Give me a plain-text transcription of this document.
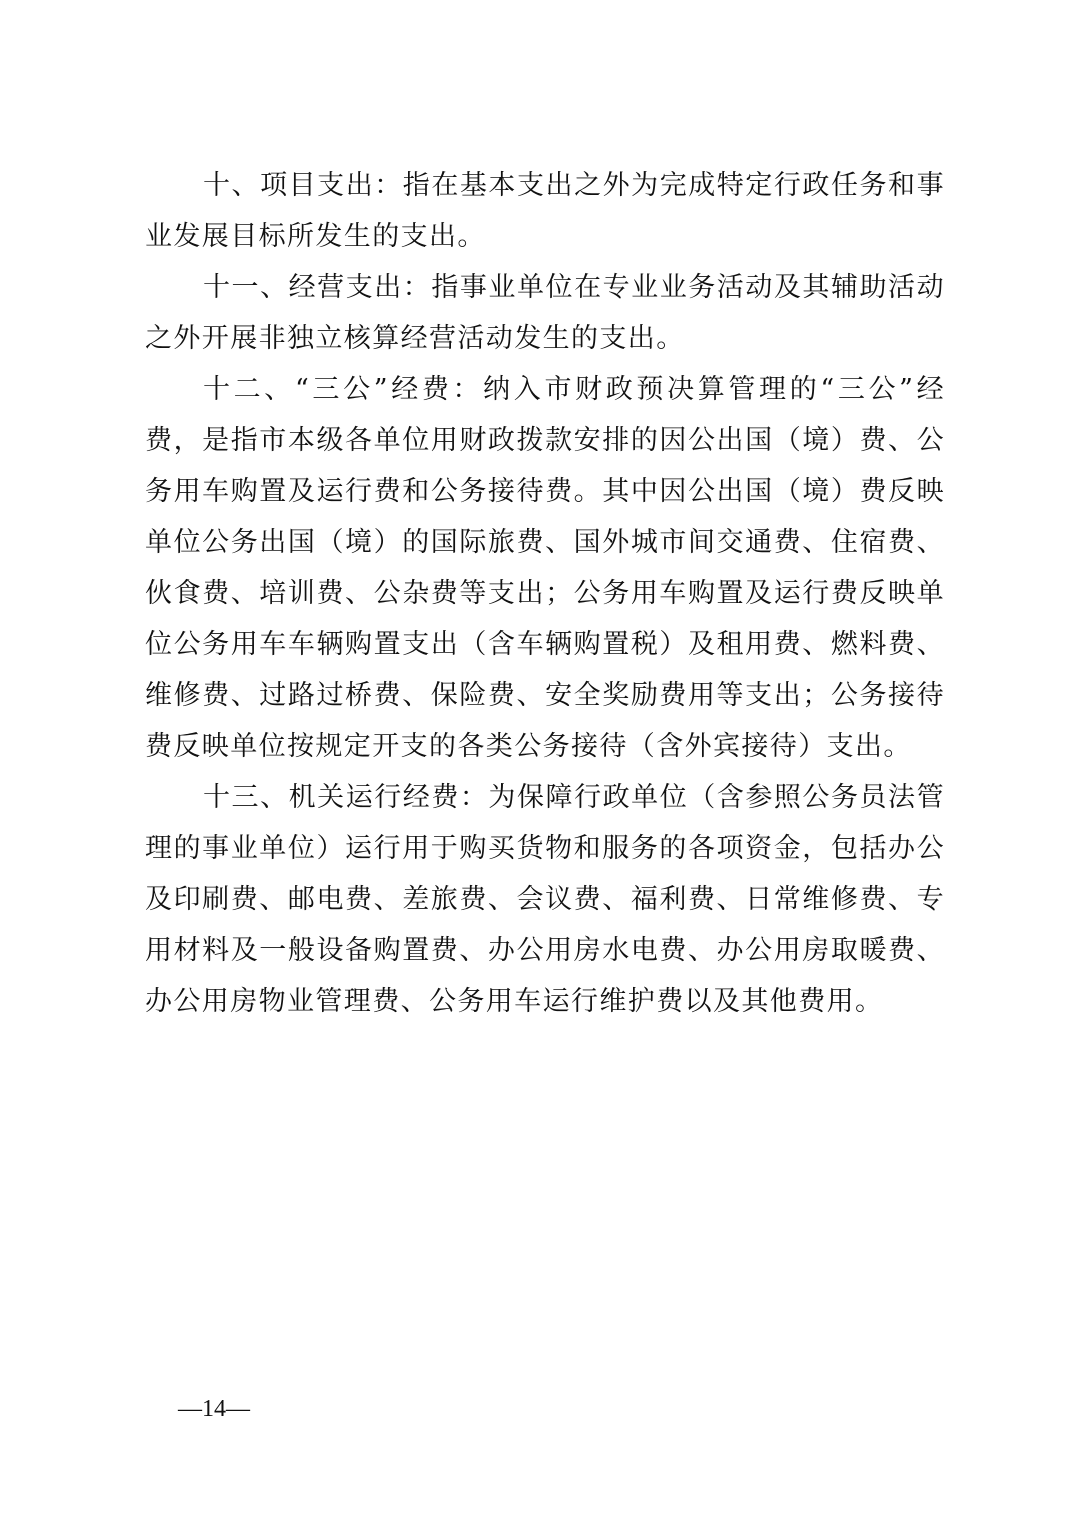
十、项目支出：指在基本支出之外为完成特定行政任务和事业发展目标所发生的支出。

十一、经营支出：指事业单位在专业业务活动及其辅助活动之外开展非独立核算经营活动发生的支出。

十二、“三公”经费：纳入市财政预决算管理的“三公”经费，是指市本级各单位用财政拨款安排的因公出国（境）费、公务用车购置及运行费和公务接待费。其中因公出国（境）费反映单位公务出国（境）的国际旅费、国外城市间交通费、住宿费、伙食费、培训费、公杂费等支出；公务用车购置及运行费反映单位公务用车车辆购置支出（含车辆购置税）及租用费、燃料费、维修费、过路过桥费、保险费、安全奖励费用等支出；公务接待费反映单位按规定开支的各类公务接待（含外宾接待）支出。

十三、机关运行经费：为保障行政单位（含参照公务员法管理的事业单位）运行用于购买货物和服务的各项资金，包括办公及印刷费、邮电费、差旅费、会议费、福利费、日常维修费、专用材料及一般设备购置费、办公用房水电费、办公用房取暖费、办公用房物业管理费、公务用车运行维护费以及其他费用。

—14—
